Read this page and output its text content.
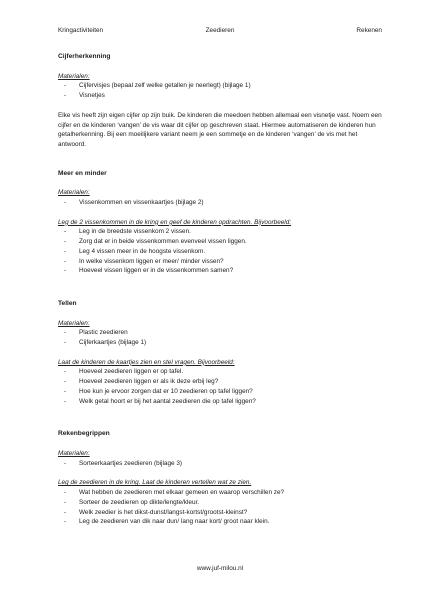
Kringactiviteiten	Zeedieren	Rekenen

Cijferherkenning

Materialen:

- Cijfervisjes (bepaal zelf welke getallen je neerlegt) (bijlage 1)
- Visnetjes

Elke vis heeft zijn eigen cijfer op zijn buik. De kinderen die meedoen hebben allemaal een visnetje vast. Noem een cijfer en de kinderen ‘vangen’ de vis waar dit cijfer op geschreven staat. Hiermee automatiseren de kinderen hun getalherkenning. Bij een moeilijkere variant neem je een sommetje en de kinderen ‘vangen’ de vis met het antwoord.

Meer en minder

Materialen:

- Vissenkommen en vissenkaartjes (bijlage 2)

Leg de 2 vissenkommen in de kring en geef de kinderen opdrachten. Bijvoorbeeld:

- Leg in de breedste vissenkom 2 vissen.
- Zorg dat er in beide vissenkommen evenveel vissen liggen.
- Leg 4 vissen meer in de hoogste vissenkom.
- In welke vissenkom liggen er meer/ minder vissen?
- Hoeveel vissen liggen er in de vissenkommen samen?

Tellen

Materialen:

- Plastic zeedieren
- Cijferkaartjes (bijlage 1)

Laat de kinderen de kaartjes zien en stel vragen. Bijvoorbeeld:

- Hoeveel zeedieren liggen er op tafel.
- Hoeveel zeedieren liggen er als ik deze erbij leg?
- Hoe kun je ervoor zorgen dat er 10 zeedieren op tafel liggen?
- Welk getal hoort er bij het aantal zeedieren die op tafel liggen?

Rekenbegrippen

Materialen:

- Sorteerkaartjes zeedieren (bijlage 3)

Leg de zeedieren in de kring. Laat de kinderen vertellen wat ze zien.

- Wat hebben de zeedieren met elkaar gemeen en waarop verschillen ze?
- Sorteer de zeedieren op dikte/lengte/kleur.
- Welk zeedier is het dikst-dunst/langst-kortst/grootst-kleinst?
- Leg de zeedieren van dik naar dun/ lang naar kort/ groot naar klein.
www.juf-milou.nl
